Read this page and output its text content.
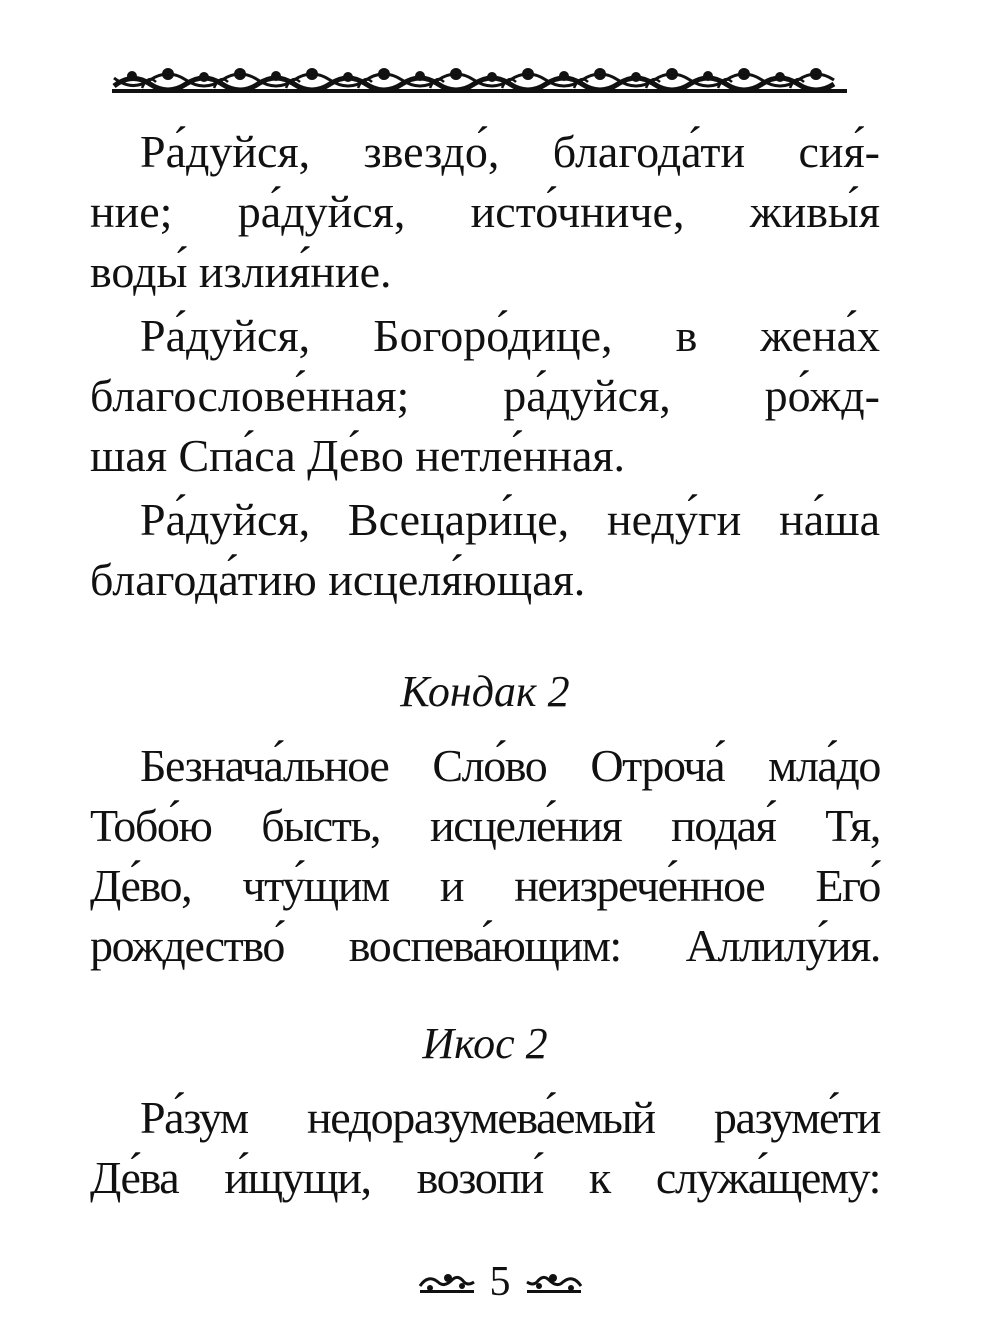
Ра́дуйся, звездо́, благода́ти сия́-
ние; ра́дуйся, исто́чниче, живы́я
воды́ излия́ние.

Ра́дуйся, Богоро́дице, в жена́х
благослове́нная; ра́дуйся, ро́жд-
шая Спа́са Де́во нетле́нная.

Ра́дуйся, Всецари́це, неду́ги на́ша
благода́тию исцеля́ющая.

Кондак 2

Безнача́льное Сло́во Отроча́ мла́до
Тобо́ю бысть, исцеле́ния подая́ Тя,
Де́во, чту́щим и неизрече́нное Его́
рождество́ воспева́ющим: Аллилу́ия.

Икос 2

Ра́зум недоразумева́емый разуме́ти
Де́ва и́щущи, возопи́ к служа́щему:

5
